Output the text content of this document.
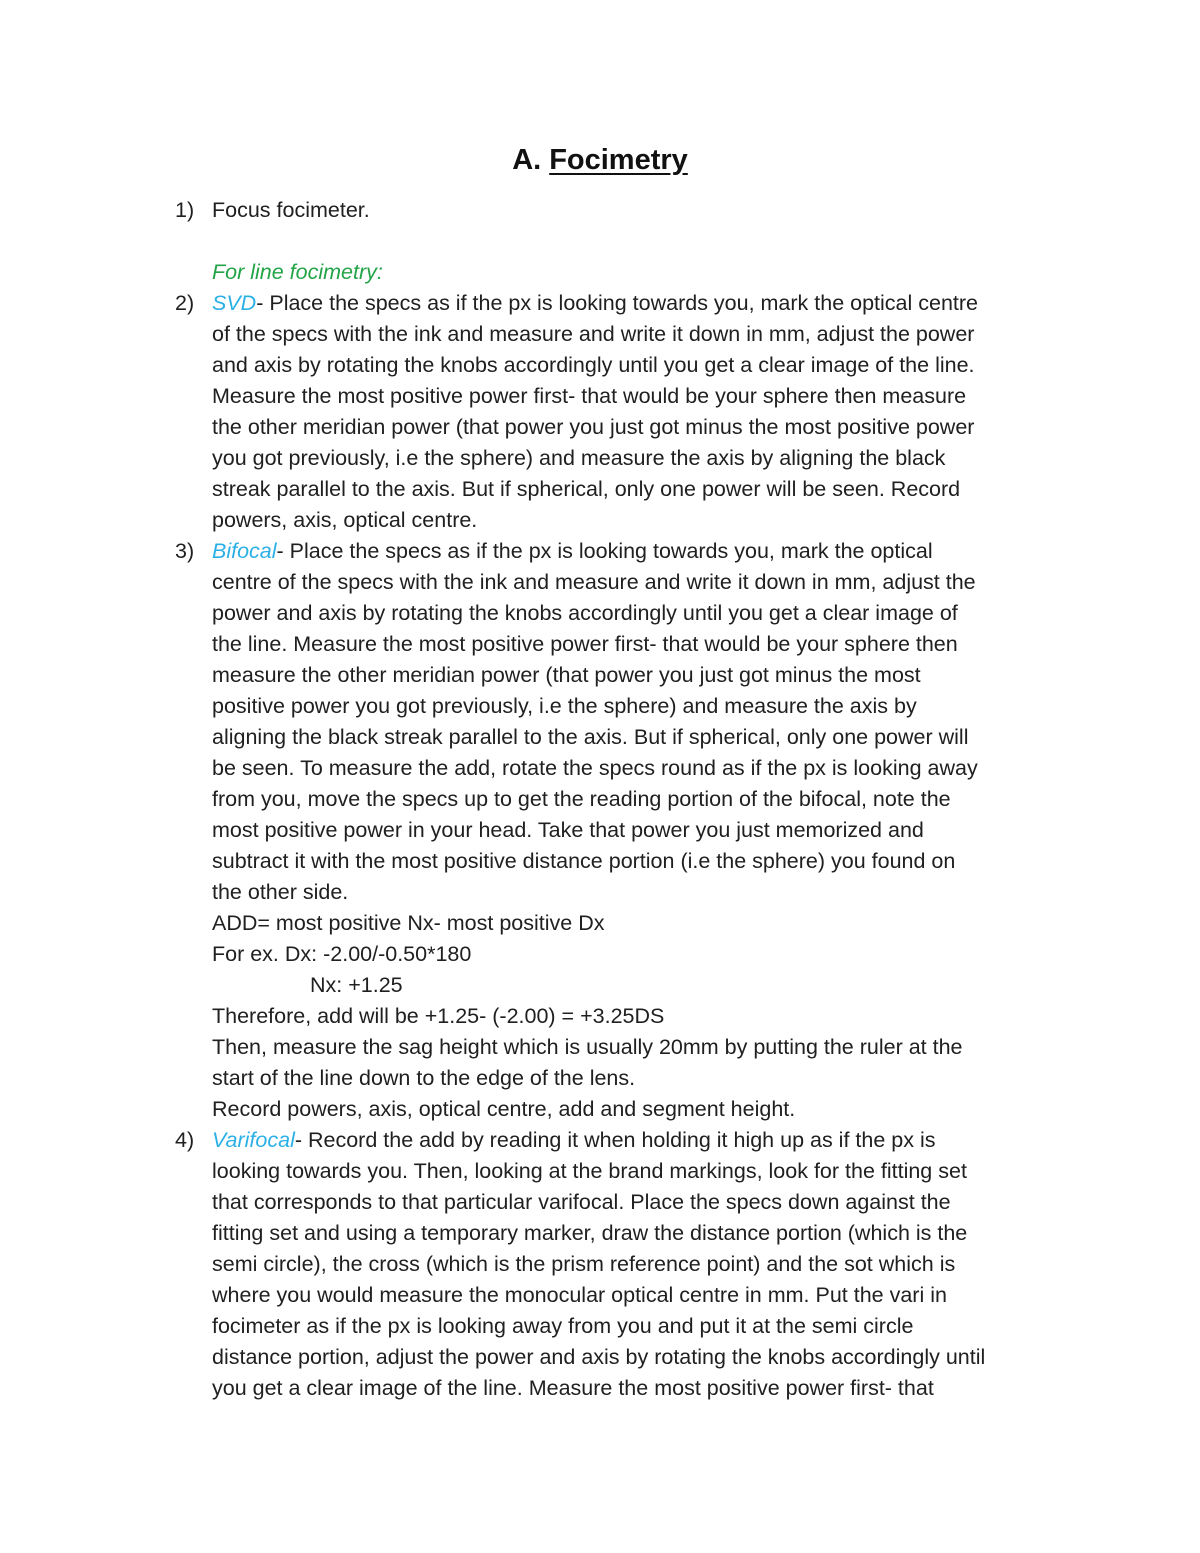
A. Focimetry
1) Focus focimeter.
For line focimetry:
2) SVD- Place the specs as if the px is looking towards you, mark the optical centre
of the specs with the ink and measure and write it down in mm, adjust the power
and axis by rotating the knobs accordingly until you get a clear image of the line.
Measure the most positive power first- that would be your sphere then measure
the other meridian power (that power you just got minus the most positive power
you got previously, i.e the sphere) and measure the axis by aligning the black
streak parallel to the axis. But if spherical, only one power will be seen. Record
powers, axis, optical centre.
3) Bifocal- Place the specs as if the px is looking towards you, mark the optical
centre of the specs with the ink and measure and write it down in mm, adjust the
power and axis by rotating the knobs accordingly until you get a clear image of
the line. Measure the most positive power first- that would be your sphere then
measure the other meridian power (that power you just got minus the most
positive power you got previously, i.e the sphere) and measure the axis by
aligning the black streak parallel to the axis. But if spherical, only one power will
be seen. To measure the add, rotate the specs round as if the px is looking away
from you, move the specs up to get the reading portion of the bifocal, note the
most positive power in your head. Take that power you just memorized and
subtract it with the most positive distance portion (i.e the sphere) you found on
the other side.
ADD= most positive Nx- most positive Dx
For ex. Dx: -2.00/-0.50*180
Nx: +1.25
Therefore, add will be +1.25- (-2.00) = +3.25DS
Then, measure the sag height which is usually 20mm by putting the ruler at the
start of the line down to the edge of the lens.
Record powers, axis, optical centre, add and segment height.
4) Varifocal- Record the add by reading it when holding it high up as if the px is
looking towards you. Then, looking at the brand markings, look for the fitting set
that corresponds to that particular varifocal. Place the specs down against the
fitting set and using a temporary marker, draw the distance portion (which is the
semi circle), the cross (which is the prism reference point) and the sot which is
where you would measure the monocular optical centre in mm. Put the vari in
focimeter as if the px is looking away from you and put it at the semi circle
distance portion, adjust the power and axis by rotating the knobs accordingly until
you get a clear image of the line. Measure the most positive power first- that
